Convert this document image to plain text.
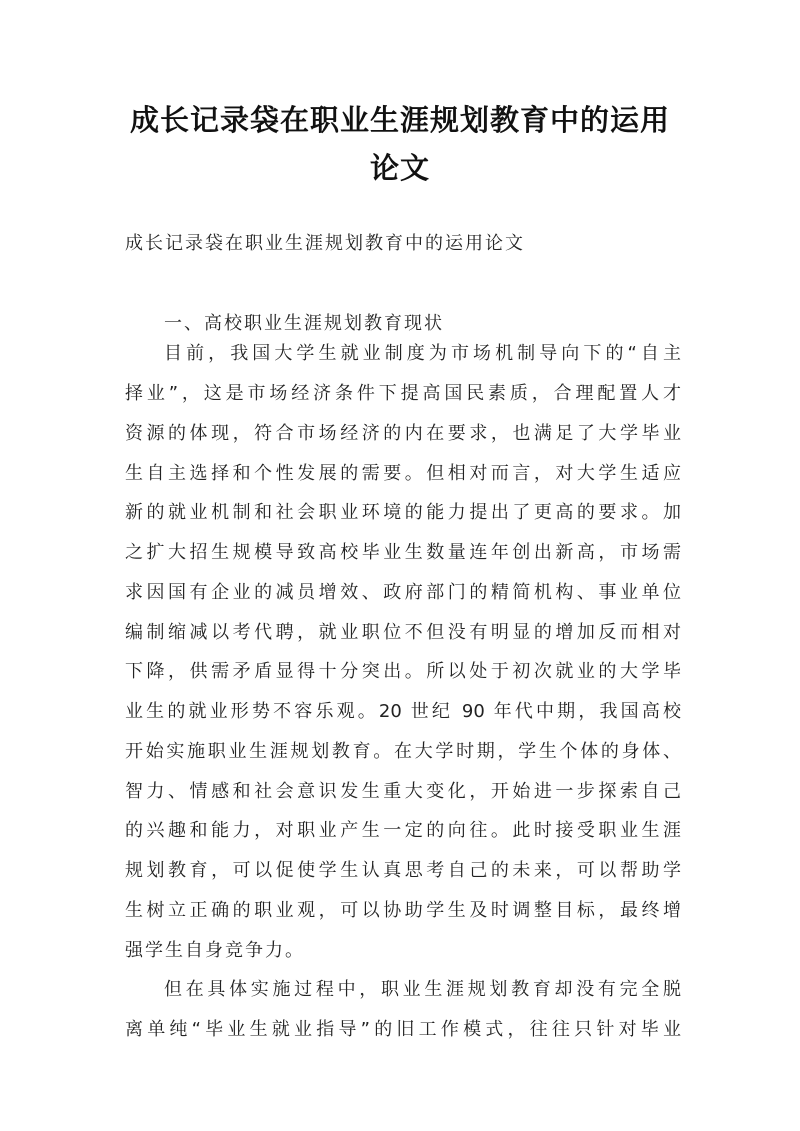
成长记录袋在职业生涯规划教育中的运用
论文
成长记录袋在职业生涯规划教育中的运用论文
一、高校职业生涯规划教育现状
目前，我国大学生就业制度为市场机制导向下的“自主
择业”，这是市场经济条件下提高国民素质，合理配置人才
资源的体现，符合市场经济的内在要求，也满足了大学毕业
生自主选择和个性发展的需要。但相对而言，对大学生适应
新的就业机制和社会职业环境的能力提出了更高的要求。加
之扩大招生规模导致高校毕业生数量连年创出新高，市场需
求因国有企业的减员增效、政府部门的精简机构、事业单位
编制缩减以考代聘，就业职位不但没有明显的增加反而相对
下降，供需矛盾显得十分突出。所以处于初次就业的大学毕
业生的就业形势不容乐观。20 世纪 90 年代中期，我国高校
开始实施职业生涯规划教育。在大学时期，学生个体的身体、
智力、情感和社会意识发生重大变化，开始进一步探索自己
的兴趣和能力，对职业产生一定的向往。此时接受职业生涯
规划教育，可以促使学生认真思考自己的未来，可以帮助学
生树立正确的职业观，可以协助学生及时调整目标，最终增
强学生自身竞争力。
但在具体实施过程中，职业生涯规划教育却没有完全脱
离单纯“毕业生就业指导”的旧工作模式，往往只针对毕业
